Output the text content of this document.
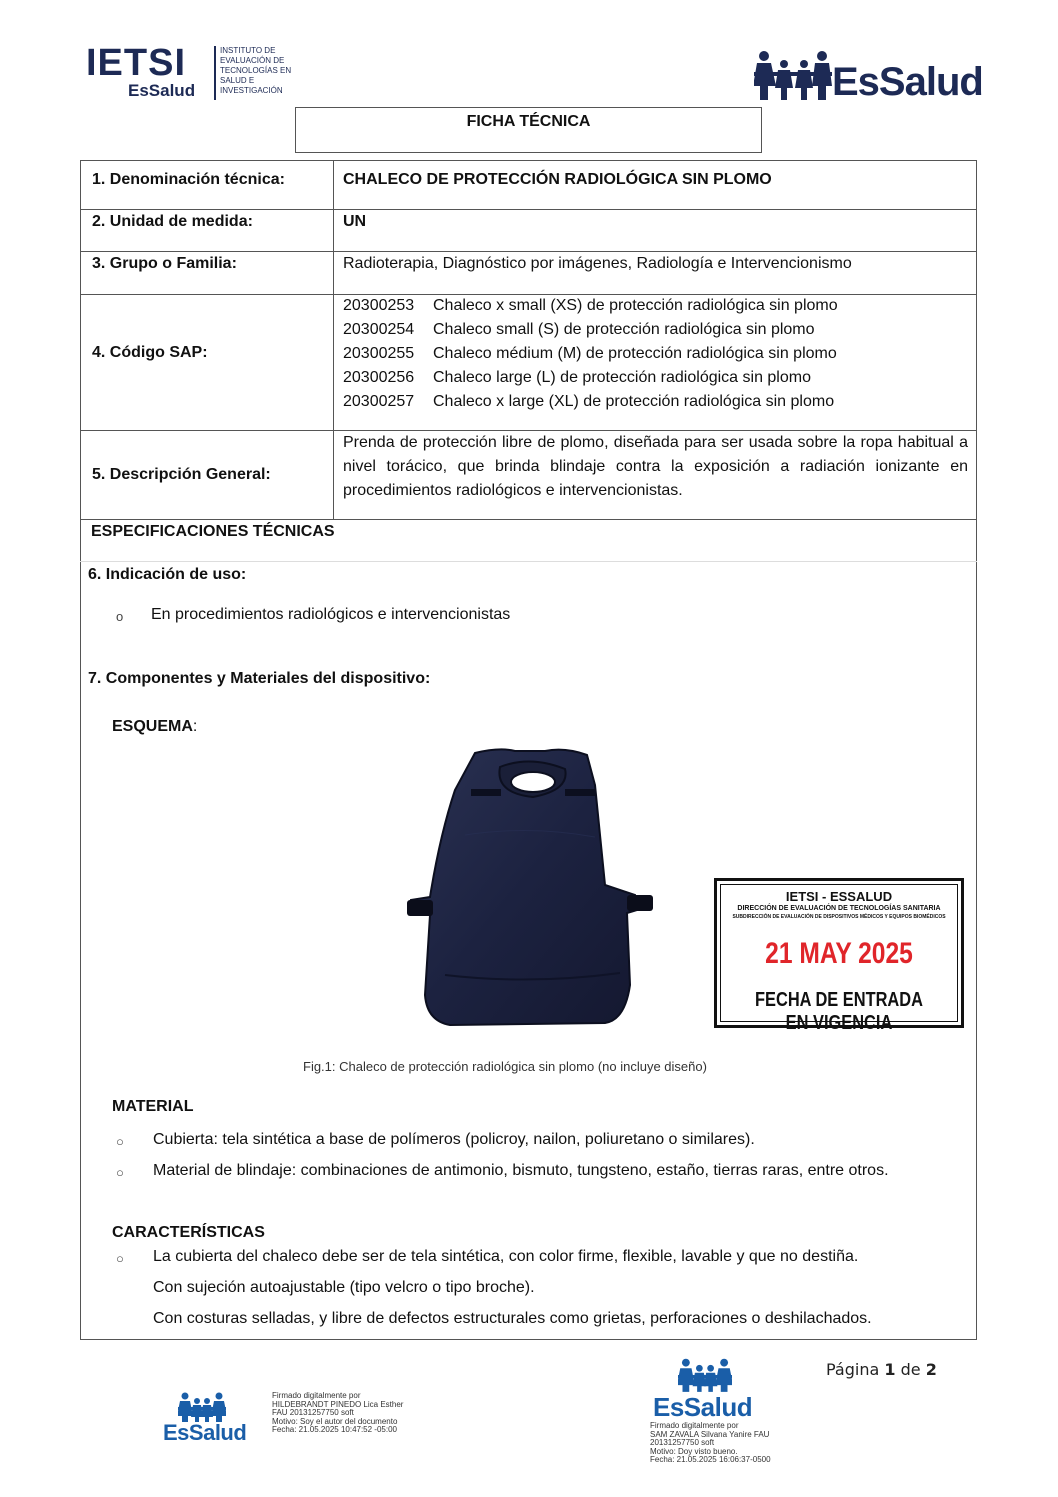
IETSI
EsSalud
INSTITUTO DE
EVALUACIÓN DE
TECNOLOGÍAS EN
SALUD E
INVESTIGACIÓN	EsSalud
FICHA TÉCNICA
1. Denominación técnica:	CHALECO DE PROTECCIÓN RADIOLÓGICA SIN PLOMO
2. Unidad de medida:	UN
3. Grupo o Familia:	Radioterapia, Diagnóstico por imágenes, Radiología e Intervencionismo
4. Código SAP:
20300253 Chaleco x small (XS) de protección radiológica sin plomo
20300254 Chaleco small (S) de protección radiológica sin plomo
20300255 Chaleco médium (M) de protección radiológica sin plomo
20300256 Chaleco large (L) de protección radiológica sin plomo
20300257 Chaleco x large (XL) de protección radiológica sin plomo
5. Descripción General:
Prenda de protección libre de plomo, diseñada para ser usada sobre la ropa habitual a nivel torácico, que brinda blindaje contra la exposición a radiación ionizante en procedimientos radiológicos e intervencionistas.
ESPECIFICACIONES TÉCNICAS
6. Indicación de uso:
o En procedimientos radiológicos e intervencionistas
7. Componentes y Materiales del dispositivo:
ESQUEMA:
IETSI - ESSALUD
DIRECCIÓN DE EVALUACIÓN DE TECNOLOGÍAS SANITARIA
SUBDIRECCIÓN DE EVALUACIÓN DE DISPOSITIVOS MÉDICOS Y EQUIPOS BIOMÉDICOS
21 MAY 2025
FECHA DE ENTRADA EN VIGENCIA
Fig.1: Chaleco de protección radiológica sin plomo (no incluye diseño)
MATERIAL
○ Cubierta: tela sintética a base de polímeros (policroy, nailon, poliuretano o similares).
○ Material de blindaje: combinaciones de antimonio, bismuto, tungsteno, estaño, tierras raras, entre otros.
CARACTERÍSTICAS
○ La cubierta del chaleco debe ser de tela sintética, con color firme, flexible, lavable y que no destiña.
Con sujeción autoajustable (tipo velcro o tipo broche).
Con costuras selladas, y libre de defectos estructurales como grietas, perforaciones o deshilachados.
Página 1 de 2
EsSalud
Firmado digitalmente por
HILDEBRANDT PINEDO Lica Esther
FAU 20131257750 soft
Motivo: Soy el autor del documento
Fecha: 21.05.2025 10:47:52 -05:00
EsSalud
Firmado digitalmente por
SAM ZAVALA Silvana Yanire FAU
20131257750 soft
Motivo: Doy visto bueno.
Fecha: 21.05.2025 16:06:37-0500
